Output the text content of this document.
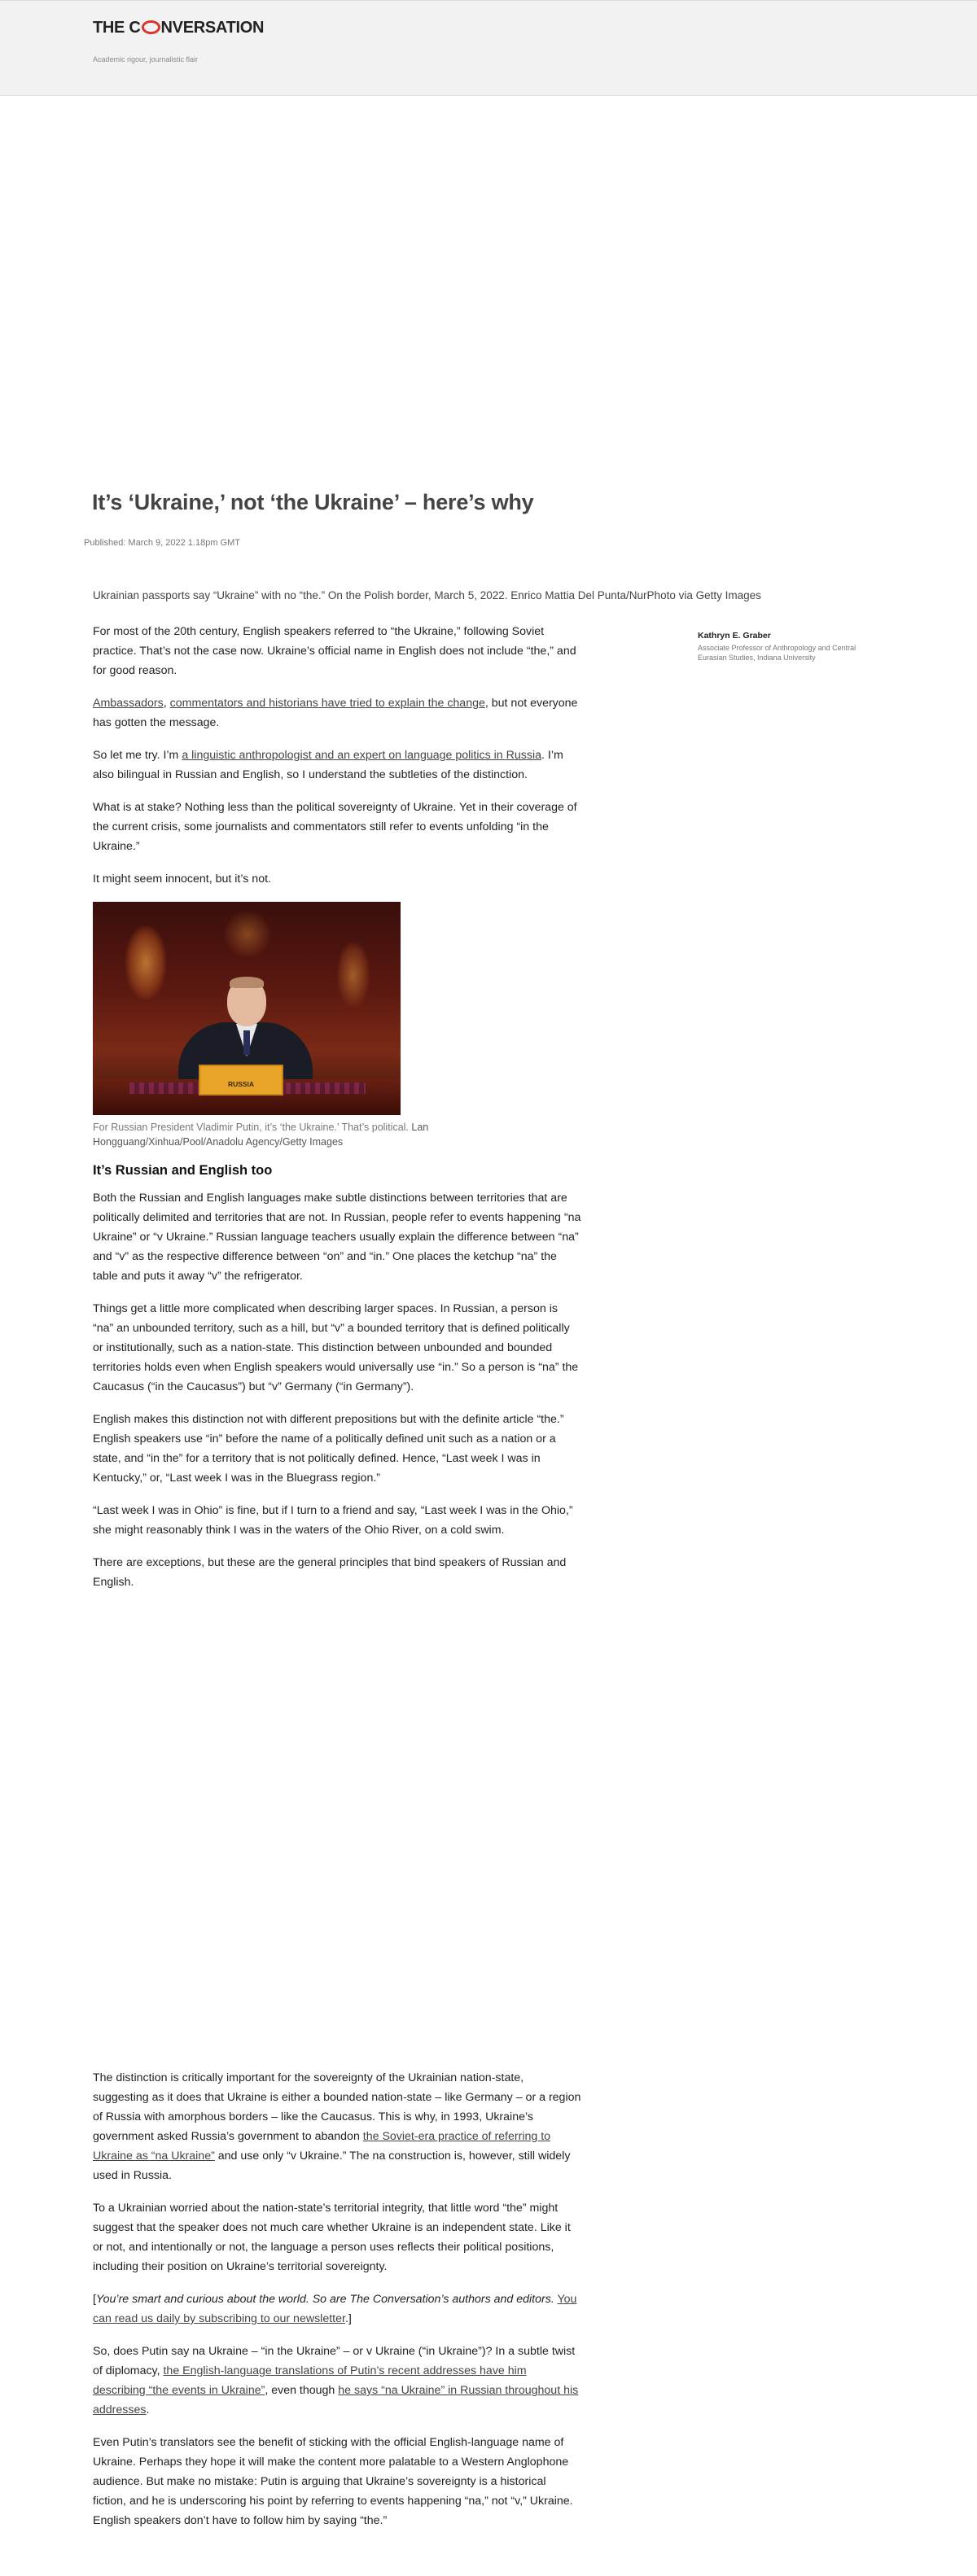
THE C NVERSATION
Academic rigour, journalistic flair
It’s ‘Ukraine,’ not ‘the Ukraine’ – here’s why
Published: March 9, 2022 1.18pm GMT
Ukrainian passports say “Ukraine” with no “the.” On the Polish border, March 5, 2022. Enrico Mattia Del Punta/NurPhoto via Getty Images
Kathryn E. Graber
Associate Professor of Anthropology and Central Eurasian Studies, Indiana University

For most of the 20th century, English speakers referred to “the Ukraine,” following Soviet practice. That’s not the case now. Ukraine’s official name in English does not include “the,” and for good reason.

Ambassadors, commentators and historians have tried to explain the change, but not everyone has gotten the message.

So let me try. I’m a linguistic anthropologist and an expert on language politics in Russia. I’m also bilingual in Russian and English, so I understand the subtleties of the distinction.

What is at stake? Nothing less than the political sovereignty of Ukraine. Yet in their coverage of the current crisis, some journalists and commentators still refer to events unfolding “in the Ukraine.”

It might seem innocent, but it’s not.

RUSSIA
For Russian President Vladimir Putin, it’s ‘the Ukraine.’ That’s political. Lan Hongguang/Xinhua/Pool/Anadolu Agency/Getty Images
It’s Russian and English too

Both the Russian and English languages make subtle distinctions between territories that are politically delimited and territories that are not. In Russian, people refer to events happening “na Ukraine” or “v Ukraine.” Russian language teachers usually explain the difference between “na” and “v” as the respective difference between “on” and “in.” One places the ketchup “na” the table and puts it away “v” the refrigerator.

Things get a little more complicated when describing larger spaces. In Russian, a person is “na” an unbounded territory, such as a hill, but “v” a bounded territory that is defined politically or institutionally, such as a nation-state. This distinction between unbounded and bounded territories holds even when English speakers would universally use “in.” So a person is “na” the Caucasus (“in the Caucasus”) but “v” Germany (“in Germany”).

English makes this distinction not with different prepositions but with the definite article “the.” English speakers use “in” before the name of a politically defined unit such as a nation or a state, and “in the” for a territory that is not politically defined. Hence, “Last week I was in Kentucky,” or, “Last week I was in the Bluegrass region.”

“Last week I was in Ohio” is fine, but if I turn to a friend and say, “Last week I was in the Ohio,” she might reasonably think I was in the waters of the Ohio River, on a cold swim.

There are exceptions, but these are the general principles that bind speakers of Russian and English.

The distinction is critically important for the sovereignty of the Ukrainian nation-state, suggesting as it does that Ukraine is either a bounded nation-state – like Germany – or a region of Russia with amorphous borders – like the Caucasus. This is why, in 1993, Ukraine’s government asked Russia’s government to abandon the Soviet-era practice of referring to Ukraine as “na Ukraine” and use only “v Ukraine.” The na construction is, however, still widely used in Russia.

To a Ukrainian worried about the nation-state’s territorial integrity, that little word “the” might suggest that the speaker does not much care whether Ukraine is an independent state. Like it or not, and intentionally or not, the language a person uses reflects their political positions, including their position on Ukraine’s territorial sovereignty.

[You’re smart and curious about the world. So are The Conversation’s authors and editors. You can read us daily by subscribing to our newsletter.]

So, does Putin say na Ukraine – “in the Ukraine” – or v Ukraine (“in Ukraine”)? In a subtle twist of diplomacy, the English-language translations of Putin’s recent addresses have him describing “the events in Ukraine”, even though he says “na Ukraine” in Russian throughout his addresses.

Even Putin’s translators see the benefit of sticking with the official English-language name of Ukraine. Perhaps they hope it will make the content more palatable to a Western Anglophone audience. But make no mistake: Putin is arguing that Ukraine’s sovereignty is a historical fiction, and he is underscoring his point by referring to events happening “na,” not “v,” Ukraine. English speakers don’t have to follow him by saying “the.”
